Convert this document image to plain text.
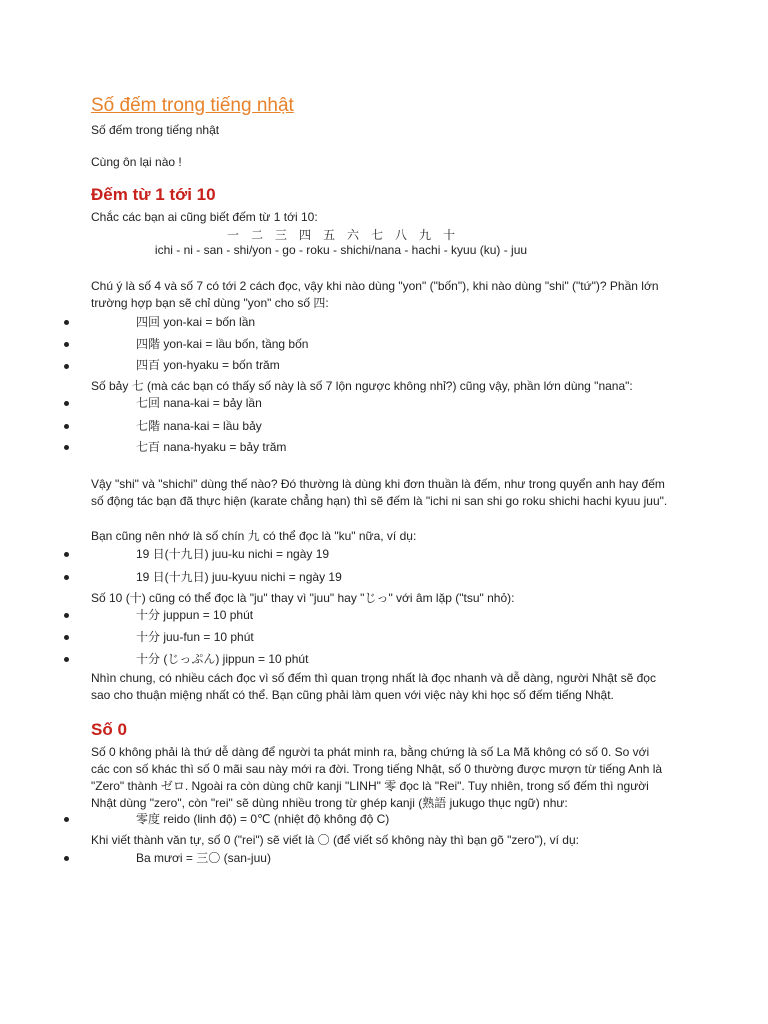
Số đếm trong tiếng nhật
Số đếm trong tiếng nhật
Cùng ôn lại nào !
Đếm từ 1 tới 10
Chắc các bạn ai cũng biết đếm từ 1 tới 10:
一　二　三　四　五　六　七　八　九　十
ichi - ni - san - shi/yon - go - roku - shichi/nana - hachi - kyuu (ku) - juu
Chú ý là số 4 và số 7 có tới 2 cách đọc, vậy khi nào dùng "yon" ("bốn"), khi nào dùng "shi" ("tứ")? Phần lớn trường hợp bạn sẽ chỉ dùng "yon" cho số 四:
四回 yon-kai = bốn lần
四階 yon-kai = lầu bốn, tầng bốn
四百 yon-hyaku = bốn trăm
Số bảy 七 (mà các bạn có thấy số này là số 7 lộn ngược không nhỉ?) cũng vậy, phần lớn dùng "nana":
七回 nana-kai = bảy lần
七階 nana-kai = lầu bảy
七百 nana-hyaku = bảy trăm
Vậy "shi" và "shichi" dùng thế nào? Đó thường là dùng khi đơn thuần là đếm, như trong quyển anh hay đếm số động tác bạn đã thực hiện (karate chẳng hạn) thì sẽ đếm là "ichi ni san shi go roku shichi hachi kyuu juu".
Bạn cũng nên nhớ là số chín 九 có thể đọc là "ku" nữa, ví dụ:
19 日(十九日) juu-ku nichi = ngày 19
19 日(十九日) juu-kyuu nichi = ngày 19
Số 10 (十) cũng có thể đọc là "ju" thay vì "juu" hay "じっ" với âm lặp ("tsu" nhỏ):
十分 juppun = 10 phút
十分 juu-fun = 10 phút
十分 (じっぷん) jippun = 10 phút
Nhìn chung, có nhiều cách đọc vì số đếm thì quan trọng nhất là đọc nhanh và dễ dàng, người Nhật sẽ đọc sao cho thuận miệng nhất có thể. Bạn cũng phải làm quen với việc này khi học số đếm tiếng Nhật.
Số 0
Số 0 không phải là thứ dễ dàng để người ta phát minh ra, bằng chứng là số La Mã không có số 0. So với các con số khác thì số 0 mãi sau này mới ra đời. Trong tiếng Nhật, số 0 thường được mượn từ tiếng Anh là "Zero" thành ゼロ. Ngoài ra còn dùng chữ kanji "LINH" 零 đọc là "Rei". Tuy nhiên, trong số đếm thì người Nhật dùng "zero", còn "rei" sẽ dùng nhiều trong từ ghép kanji (熟語 jukugo thục ngữ) như:
零度 reido (linh độ) = 0℃ (nhiệt độ không độ C)
Khi viết thành văn tự, số 0 ("rei") sẽ viết là 〇 (để viết số không này thì bạn gõ "zero"), ví dụ:
Ba mươi = 三〇 (san-juu)
